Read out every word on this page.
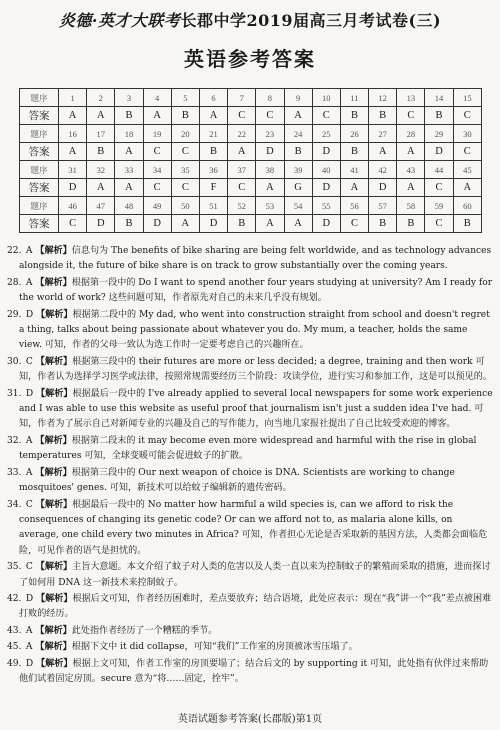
炎德·英才大联考长郡中学2019届高三月考试卷(三)
英语参考答案
题序	1	2	3	4	5	6	7	8	9	10	11	12	13	14	15
答案	A	A	B	A	B	A	C	C	A	C	B	B	C	B	C
题序	16	17	18	19	20	21	22	23	24	25	26	27	28	29	30
答案	A	B	A	C	C	B	A	D	B	D	B	A	A	D	C
题序	31	32	33	34	35	36	37	38	39	40	41	42	43	44	45
答案	D	A	A	C	C	F	C	A	G	D	A	D	A	C	A
题序	46	47	48	49	50	51	52	53	54	55	56	57	58	59	60
答案	C	D	B	D	A	D	B	A	A	D	C	B	B	C	B
22. A 【解析】信息句为 The benefits of bike sharing are being felt worldwide, and as technology advances alongside it, the future of bike share is on track to grow substantially over the coming years.
28. A 【解析】根据第一段中的 Do I want to spend another four years studying at university? Am I ready for the world of work? 这些问题可知，作者原先对自己的未来几乎没有规划。
29. D 【解析】根据第二段中的 My dad, who went into construction straight from school and doesn't regret a thing, talks about being passionate about whatever you do. My mum, a teacher, holds the same view. 可知，作者的父母一致认为选工作时一定要考虑自己的兴趣所在。
30. C 【解析】根据第三段中的 their futures are more or less decided; a degree, training and then work 可知，作者认为选择学习医学或法律，按照常规需要经历三个阶段：攻读学位，进行实习和参加工作，这是可以预见的。
31. D 【解析】根据最后一段中的 I've already applied to several local newspapers for some work experience and I was able to use this website as useful proof that journalism isn't just a sudden idea I've had. 可知，作者为了展示自己对新闻专业的兴趣及自己的写作能力，向当地几家报社提出了自己比较受欢迎的博客。
32. A 【解析】根据第二段末的 it may become even more widespread and harmful with the rise in global temperatures 可知，全球变暖可能会促进蚊子的扩散。
33. A 【解析】根据第三段中的 Our next weapon of choice is DNA. Scientists are working to change mosquitoes' genes. 可知，新技术可以给蚊子编辑新的遗传密码。
34. C 【解析】根据最后一段中的 No matter how harmful a wild species is, can we afford to risk the consequences of changing its genetic code? Or can we afford not to, as malaria alone kills, on average, one child every two minutes in Africa? 可知，作者担心无论是否采取新的基因方法，人类都会面临危险，可见作者的语气是担忧的。
35. C 【解析】主旨大意题。本文介绍了蚊子对人类的危害以及人类一直以来为控制蚊子的繁殖而采取的措施，进而探讨了如何用 DNA 这一新技术来控制蚊子。
42. D 【解析】根据后文可知，作者经历困难时，差点要放弃；结合语境，此处应表示：现在“我”讲一个“我”差点被困难打败的经历。
43. A 【解析】此处指作者经历了一个糟糕的季节。
45. A 【解析】根据下文中 it did collapse，可知“我们”工作室的房顶被冰雪压塌了。
49. D 【解析】根据上文可知，作者工作室的房顶要塌了；结合后文的 by supporting it 可知，此处指有伙伴过来帮助他们试着固定房顶。secure 意为“将……固定，拴牢”。
英语试题参考答案(长郡版)第1页
